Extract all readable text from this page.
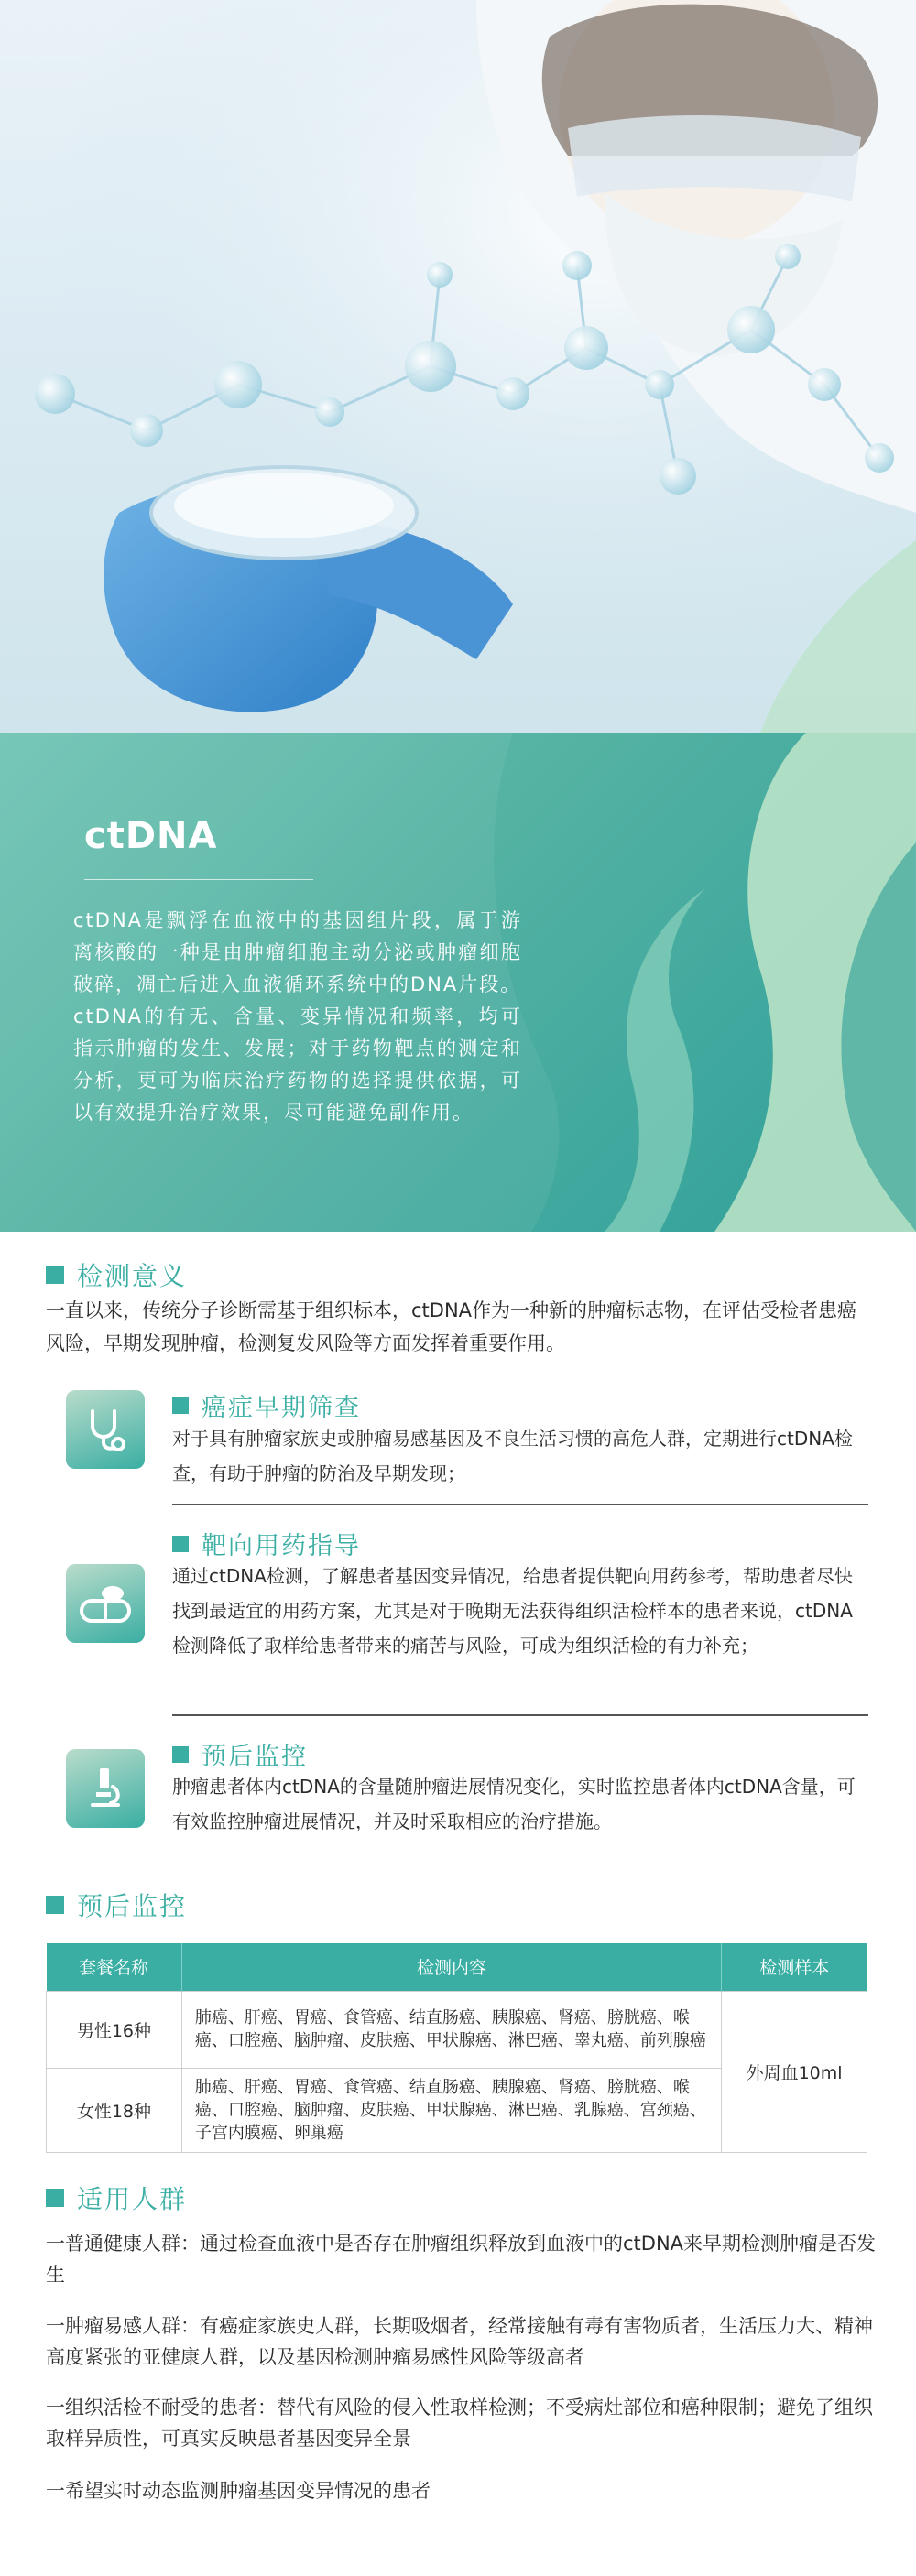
ctDNA

ctDNA是飘浮在血液中的基因组片段，属于游离核酸的一种是由肿瘤细胞主动分泌或肿瘤细胞破碎，凋亡后进入血液循环系统中的DNA片段。

ctDNA的有无、含量、变异情况和频率，均可指示肿瘤的发生、发展；对于药物靶点的测定和分析，更可为临床治疗药物的选择提供依据，可以有效提升治疗效果，尽可能避免副作用。

检测意义
一直以来，传统分子诊断需基于组织标本，ctDNA作为一种新的肿瘤标志物，在评估受检者患癌风险，早期发现肿瘤，检测复发风险等方面发挥着重要作用。
癌症早期筛查
对于具有肿瘤家族史或肿瘤易感基因及不良生活习惯的高危人群，定期进行ctDNA检查，有助于肿瘤的防治及早期发现；
靶向用药指导
通过ctDNA检测，了解患者基因变异情况，给患者提供靶向用药参考，帮助患者尽快找到最适宜的用药方案，尤其是对于晚期无法获得组织活检样本的患者来说，ctDNA检测降低了取样给患者带来的痛苦与风险，可成为组织活检的有力补充；
预后监控
肿瘤患者体内ctDNA的含量随肿瘤进展情况变化，实时监控患者体内ctDNA含量，可有效监控肿瘤进展情况，并及时采取相应的治疗措施。
预后监控
套餐名称	检测内容	检测样本
男性16种	肺癌、肝癌、胃癌、食管癌、结直肠癌、胰腺癌、肾癌、膀胱癌、喉癌、口腔癌、脑肿瘤、皮肤癌、甲状腺癌、淋巴癌、睾丸癌、前列腺癌	外周血10ml
女性18种	肺癌、肝癌、胃癌、食管癌、结直肠癌、胰腺癌、肾癌、膀胱癌、喉癌、口腔癌、脑肿瘤、皮肤癌、甲状腺癌、淋巴癌、乳腺癌、宫颈癌、子宫内膜癌、卵巢癌	
适用人群
一普通健康人群：通过检查血液中是否存在肿瘤组织释放到血液中的ctDNA来早期检测肿瘤是否发生
一肿瘤易感人群：有癌症家族史人群，长期吸烟者，经常接触有毒有害物质者，生活压力大、精神高度紧张的亚健康人群，以及基因检测肿瘤易感性风险等级高者
一组织活检不耐受的患者：替代有风险的侵入性取样检测；不受病灶部位和癌种限制；避免了组织取样异质性，可真实反映患者基因变异全景
一希望实时动态监测肿瘤基因变异情况的患者
